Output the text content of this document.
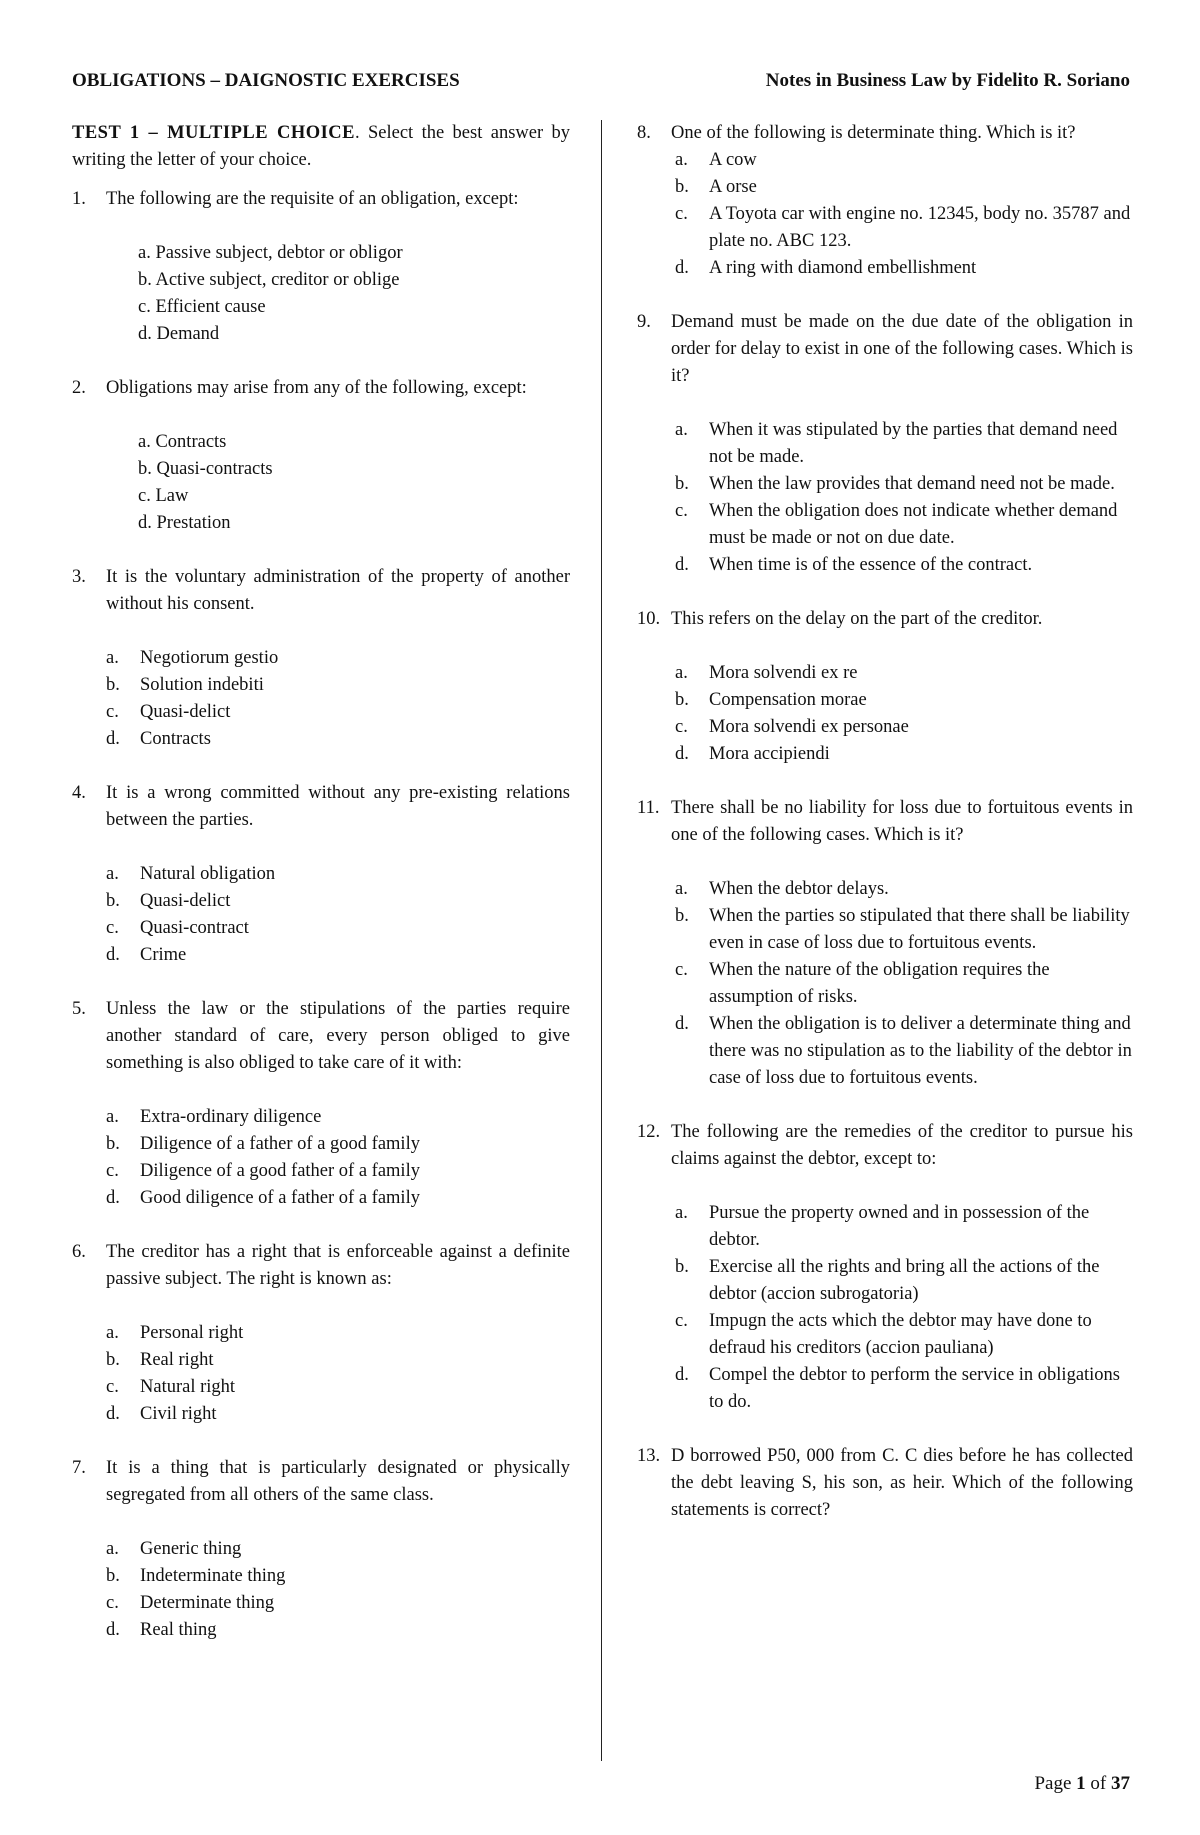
OBLIGATIONS – DAIGNOSTIC EXERCISES	Notes in Business Law by Fidelito R. Soriano

TEST 1 – MULTIPLE CHOICE. Select the best answer by writing the letter of your choice.

1.	The following are the requisite of an obligation, except:
a. Passive subject, debtor or obligor
b. Active subject, creditor or oblige
c. Efficient cause
d. Demand
2.	Obligations may arise from any of the following, except:
a. Contracts
b. Quasi-contracts
c. Law
d. Prestation
3.	It is the voluntary administration of the property of another without his consent.
a.	Negotiorum gestio
b.	Solution indebiti
c.	Quasi-delict
d.	Contracts
4.	It is a wrong committed without any pre-existing relations between the parties.
a.	Natural obligation
b.	Quasi-delict
c.	Quasi-contract
d.	Crime
5.	Unless the law or the stipulations of the parties require another standard of care, every person obliged to give something is also obliged to take care of it with:
a.	Extra-ordinary diligence
b.	Diligence of a father of a good family
c.	Diligence of a good father of a family
d.	Good diligence of a father of a family
6.	The creditor has a right that is enforceable against a definite passive subject. The right is known as:
a.	Personal right
b.	Real right
c.	Natural right
d.	Civil right
7.	It is a thing that is particularly designated or physically segregated from all others of the same class.
a.	Generic thing
b.	Indeterminate thing
c.	Determinate thing
d.	Real thing
8.	One of the following is determinate thing. Which is it?
a.	A cow
b.	A orse
c.	A Toyota car with engine no. 12345, body no. 35787 and plate no. ABC 123.
d.	A ring with diamond embellishment
9.	Demand must be made on the due date of the obligation in order for delay to exist in one of the following cases. Which is it?
a.	When it was stipulated by the parties that demand need not be made.
b.	When the law provides that demand need not be made.
c.	When the obligation does not indicate whether demand must be made or not on due date.
d.	When time is of the essence of the contract.
10. This refers on the delay on the part of the creditor.
a.	Mora solvendi ex re
b.	Compensation morae
c.	Mora solvendi ex personae
d.	Mora accipiendi
11. There shall be no liability for loss due to fortuitous events in one of the following cases. Which is it?
a.	When the debtor delays.
b.	When the parties so stipulated that there shall be liability even in case of loss due to fortuitous events.
c.	When the nature of the obligation requires the assumption of risks.
d.	When the obligation is to deliver a determinate thing and there was no stipulation as to the liability of the debtor in case of loss due to fortuitous events.
12. The following are the remedies of the creditor to pursue his claims against the debtor, except to:
a.	Pursue the property owned and in possession of the debtor.
b.	Exercise all the rights and bring all the actions of the debtor (accion subrogatoria)
c.	Impugn the acts which the debtor may have done to defraud his creditors (accion pauliana)
d.	Compel the debtor to perform the service in obligations to do.
13. D borrowed P50, 000 from C. C dies before he has collected the debt leaving S, his son, as heir. Which of the following statements is correct?
Page 1 of 37
